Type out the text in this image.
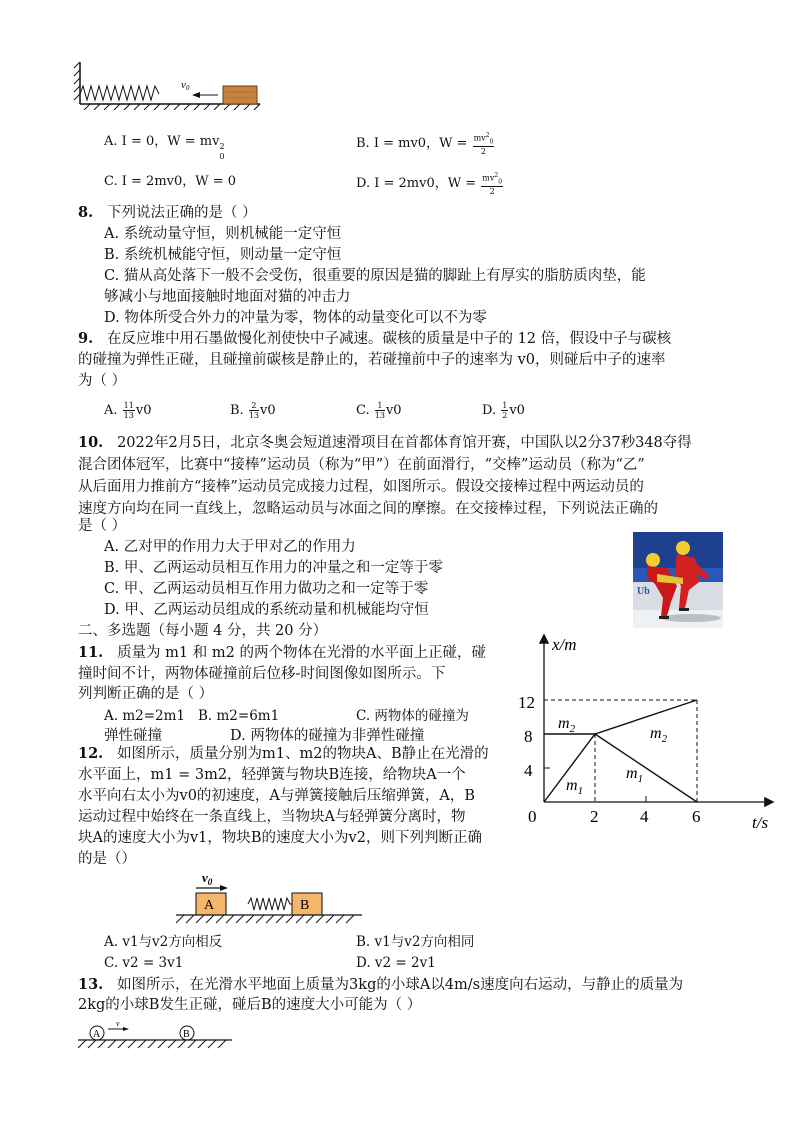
v0
A. I = 0，W = mv 2
0
B. I = mv0，$W = \frac{mv^2_0}{2}$
C. I = 2mv0，W = 0	D. I = 2mv0，$W = \frac{mv^2_0}{2}$
8. 下列说法正确的是（ ）
A. 系统动量守恒，则机械能一定守恒
B. 系统机械能守恒，则动量一定守恒
C. 猫从高处落下一般不会受伤，很重要的原因是猫的脚趾上有厚实的脂肪质肉垫，能
够减小与地面接触时地面对猫的冲击力
D. 物体所受合外力的冲量为零，物体的动量变化可以不为零
9. 在反应堆中用石墨做慢化剂使快中子减速。碳核的质量是中子的 12 倍，假设中子与碳核
的碰撞为弹性正碰，且碰撞前碳核是静止的，若碰撞前中子的速率为 v0，则碰后中子的速率
为（ ）
A. $\frac{11}{13} v0$	B. $\frac{2}{13} v0$	C. $\frac{1}{13} v0$	D. $\frac{1}{2} v0$
10. 2022年2月5日，北京冬奥会短道速滑项目在首都体育馆开赛，中国队以2分37秒348夺得
混合团体冠军，比赛中“接棒”运动员（称为“甲”）在前面滑行，“交棒”运动员（称为“乙”
从后面用力推前方“接棒”运动员完成接力过程，如图所示。假设交接棒过程中两运动员的
速度方向均在同一直线上，忽略运动员与冰面之间的摩擦。在交接棒过程，下列说法正确的
是（ ）
Ub
A. 乙对甲的作用力大于甲对乙的作用力
B. 甲、乙两运动员相互作用力的冲量之和一定等于零
C. 甲、乙两运动员相互作用力做功之和一定等于零
D. 甲、乙两运动员组成的系统动量和机械能均守恒
二、多选题（每小题 4 分，共 20 分）
11. 质量为 m1 和 m2 的两个物体在光滑的水平面上正碰，碰
撞时间不计，两物体碰撞前后位移-时间图像如图所示。下
列判断正确的是（ ）
A. m2=2m1 B. m2=6m1	C. 两物体的碰撞为
弹性碰撞	D. 两物体的碰撞为非弹性碰撞
x/m
t/s
0	2 4	6
4
8
12
$m_2$	$m_2$
$m_1$
$m_1$
12. 如图所示，质量分别为m1、m2的物块A、B静止在光滑的
水平面上，m1 = 3m2，轻弹簧与物块B连接，给物块A一个
水平向右太小为v0的初速度，A与弹簧接触后压缩弹簧，A，B
运动过程中始终在一条直线上，当物块A与轻弹簧分离时，物
块A的速度大小为v1，物块B的速度大小为v2，则下列判断正确
的是（）
$v_0$
A	B
A. v1与v2方向相反	B. v1与v2方向相同
C. v2 = 3v1	D. v2 = 2v1
13. 如图所示，在光滑水平地面上质量为3kg的小球A以4m/s速度向右运动，与静止的质量为
2kg的小球B发生正碰，碰后B的速度大小可能为（ ）
A
v
B
